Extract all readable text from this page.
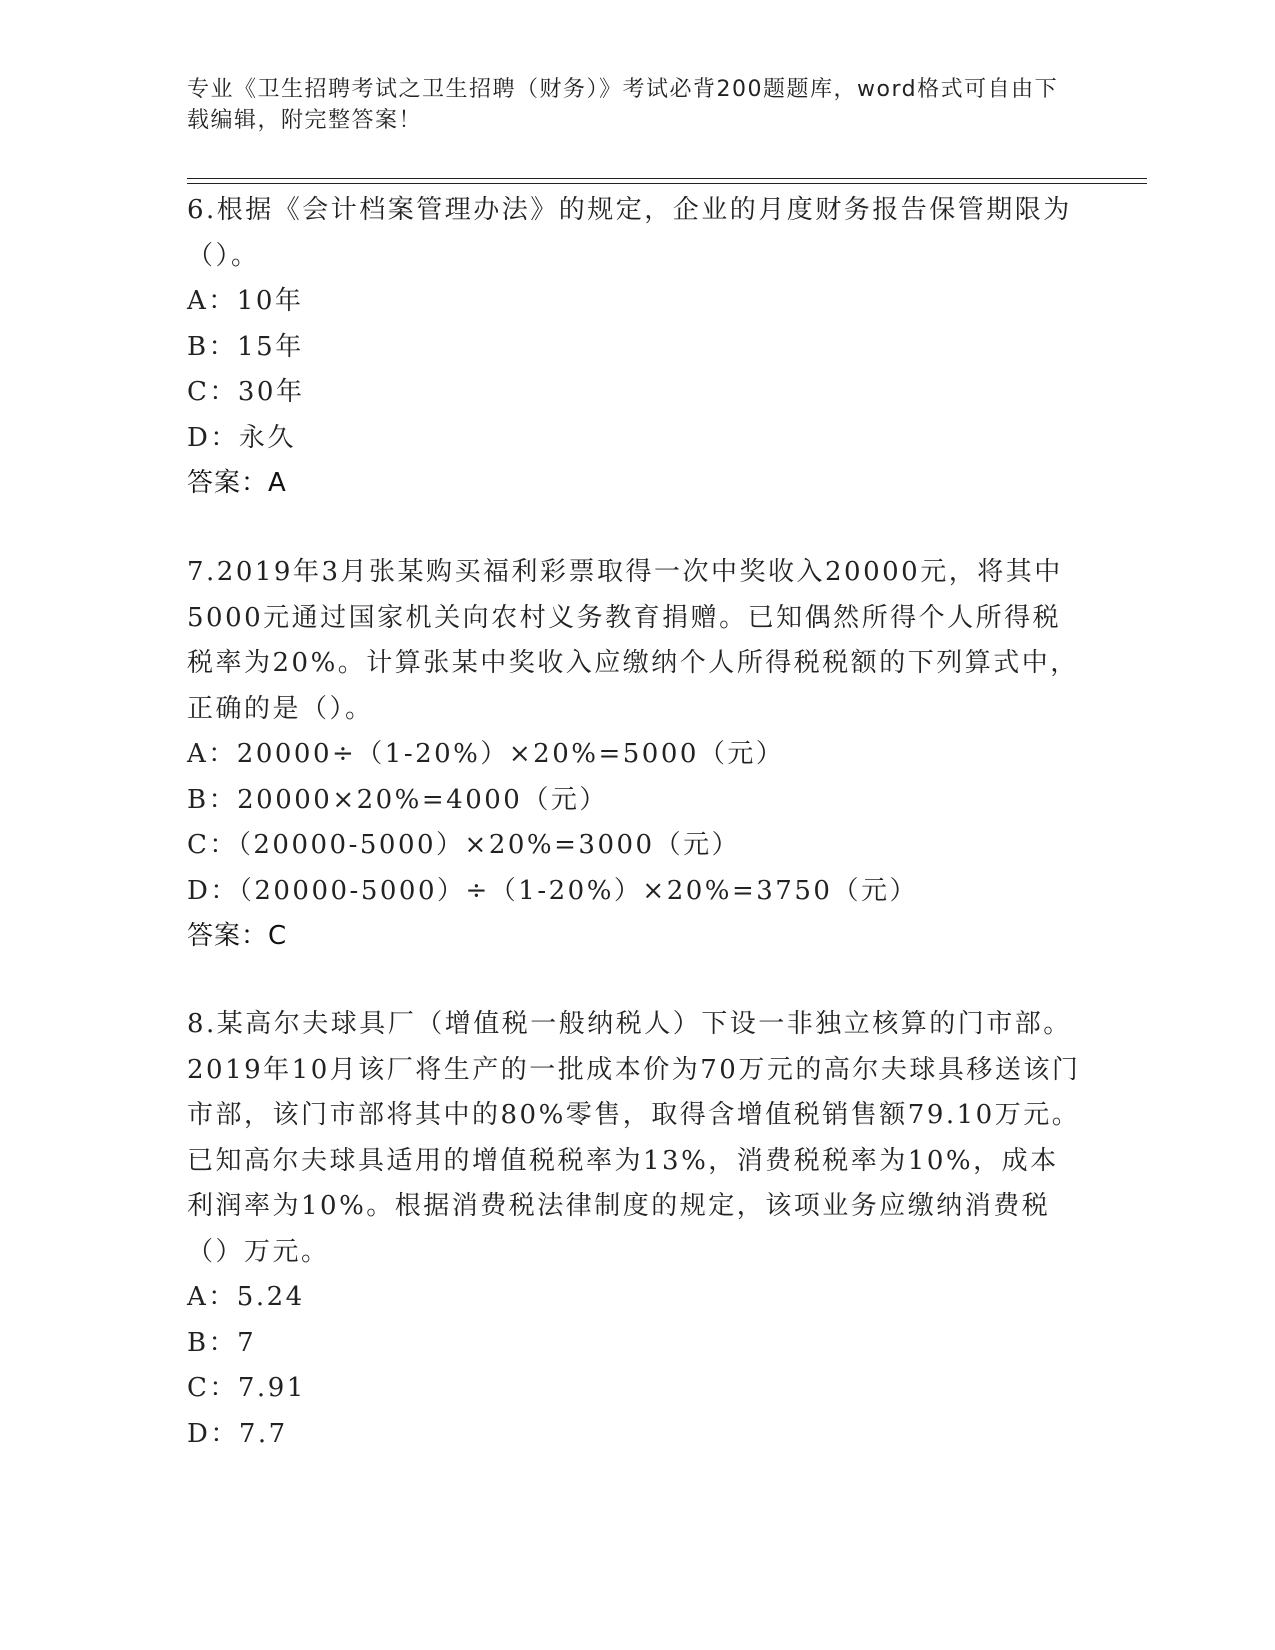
专业《卫生招聘考试之卫生招聘（财务）》考试必背200题题库，word格式可自由下载编辑，附完整答案！
6.根据《会计档案管理办法》的规定，企业的月度财务报告保管期限为（）。
A：10年
B：15年
C：30年
D：永久
答案：A
7.2019年3月张某购买福利彩票取得一次中奖收入20000元，将其中5000元通过国家机关向农村义务教育捐赠。已知偶然所得个人所得税税率为20%。计算张某中奖收入应缴纳个人所得税税额的下列算式中，正确的是（）。
A：20000÷（1-20%）×20%=5000（元）
B：20000×20%=4000（元）
C：（20000-5000）×20%=3000（元）
D：（20000-5000）÷（1-20%）×20%=3750（元）
答案：C
8.某高尔夫球具厂（增值税一般纳税人）下设一非独立核算的门市部。2019年10月该厂将生产的一批成本价为70万元的高尔夫球具移送该门市部，该门市部将其中的80%零售，取得含增值税销售额79.10万元。已知高尔夫球具适用的增值税税率为13%，消费税税率为10%，成本利润率为10%。根据消费税法律制度的规定，该项业务应缴纳消费税（）万元。
A：5.24
B：7
C：7.91
D：7.7
